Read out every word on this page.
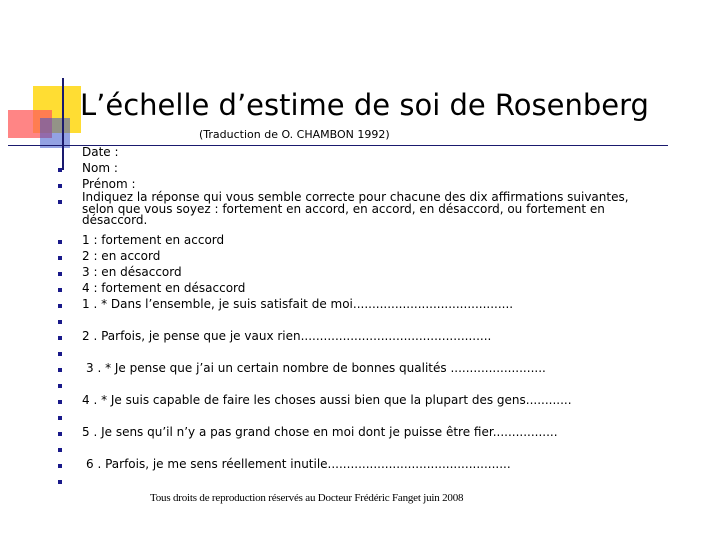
L’échelle d’estime de soi de Rosenberg
(Traduction de O. CHAMBON 1992)
Date :
Nom :
Prénom :
Indiquez la réponse qui vous semble correcte pour chacune des dix affirmations suivantes, selon que vous soyez : fortement en accord, en accord, en désaccord, ou fortement en désaccord.
1 : fortement en accord
2 : en accord
3 : en désaccord
4 : fortement en désaccord
1 . * Dans l’ensemble, je suis satisfait de moi..........................................
2 . Parfois, je pense que je vaux rien..................................................
3 . * Je pense que j’ai un certain nombre de bonnes qualités .........................
4 . * Je suis capable de faire les choses aussi bien que la plupart des gens............
5 . Je sens qu’il n’y a pas grand chose en moi dont je puisse être fier.................
6 . Parfois, je me sens réellement inutile................................................
Tous droits de reproduction réservés au Docteur Frédéric Fanget juin 2008
